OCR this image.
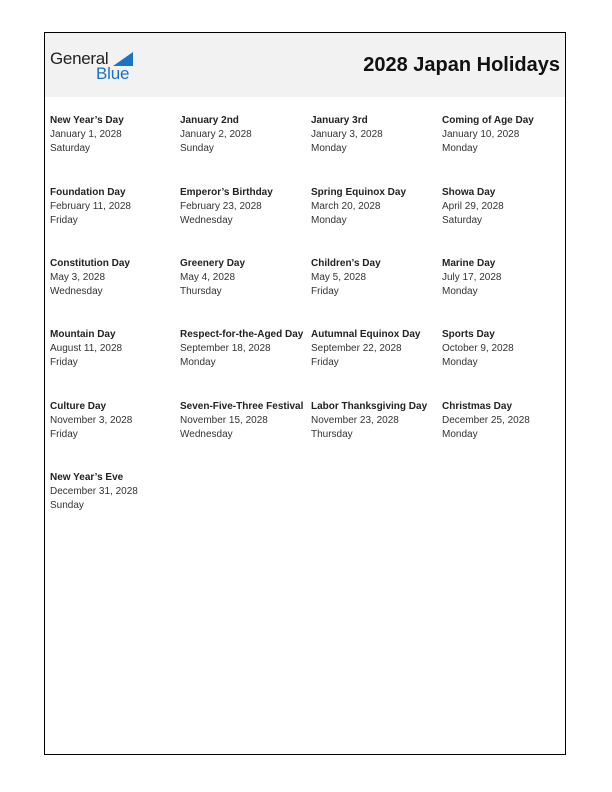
General
Blue	2028 Japan Holidays
New Year’s Day
January 1, 2028
Saturday
January 2nd
January 2, 2028
Sunday
January 3rd
January 3, 2028
Monday
Coming of Age Day
January 10, 2028
Monday
Foundation Day
February 11, 2028
Friday
Emperor’s Birthday
February 23, 2028
Wednesday
Spring Equinox Day
March 20, 2028
Monday
Showa Day
April 29, 2028
Saturday
Constitution Day
May 3, 2028
Wednesday
Greenery Day
May 4, 2028
Thursday
Children’s Day
May 5, 2028
Friday
Marine Day
July 17, 2028
Monday
Mountain Day
August 11, 2028
Friday
Respect-for-the-Aged Day
September 18, 2028
Monday
Autumnal Equinox Day
September 22, 2028
Friday
Sports Day
October 9, 2028
Monday
Culture Day
November 3, 2028
Friday
Seven-Five-Three Festival
November 15, 2028
Wednesday
Labor Thanksgiving Day
November 23, 2028
Thursday
Christmas Day
December 25, 2028
Monday
New Year’s Eve
December 31, 2028
Sunday
